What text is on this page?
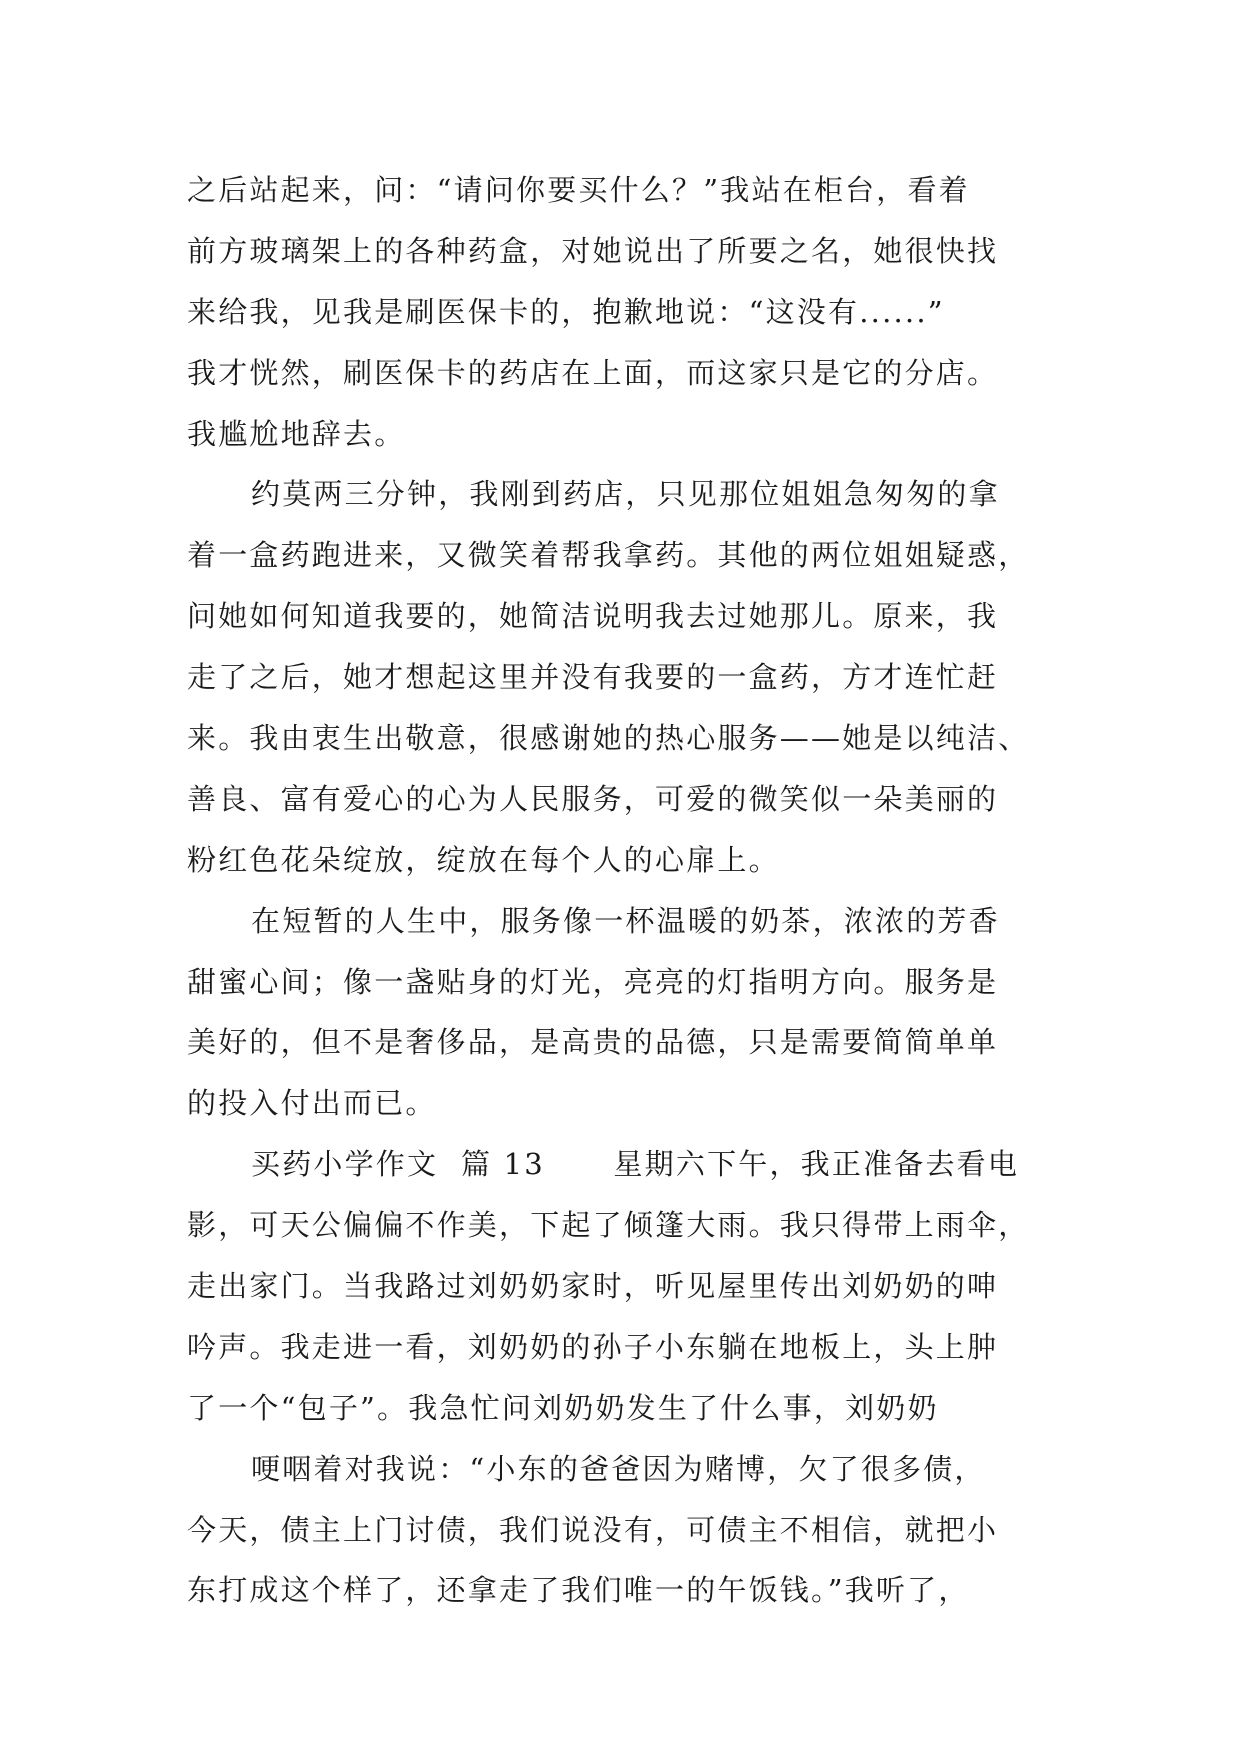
之后站起来，问：“请问你要买什么？”我站在柜台，看着
前方玻璃架上的各种药盒，对她说出了所要之名，她很快找
来给我，见我是刷医保卡的，抱歉地说：“这没有......”
我才恍然，刷医保卡的药店在上面，而这家只是它的分店。
我尴尬地辞去。
约莫两三分钟，我刚到药店，只见那位姐姐急匆匆的拿
着一盒药跑进来，又微笑着帮我拿药。其他的两位姐姐疑惑，
问她如何知道我要的，她简洁说明我去过她那儿。原来，我
走了之后，她才想起这里并没有我要的一盒药，方才连忙赶
来。我由衷生出敬意，很感谢她的热心服务——她是以纯洁、
善良、富有爱心的心为人民服务，可爱的微笑似一朵美丽的
粉红色花朵绽放，绽放在每个人的心扉上。
在短暂的人生中，服务像一杯温暖的奶茶，浓浓的芳香
甜蜜心间；像一盏贴身的灯光，亮亮的灯指明方向。服务是
美好的，但不是奢侈品，是高贵的品德，只是需要简简单单
的投入付出而已。
买药小学作文  篇 13      星期六下午，我正准备去看电
影，可天公偏偏不作美，下起了倾篷大雨。我只得带上雨伞，
走出家门。当我路过刘奶奶家时，听见屋里传出刘奶奶的呻
吟声。我走进一看，刘奶奶的孙子小东躺在地板上，头上肿
了一个“包子”。我急忙问刘奶奶发生了什么事，刘奶奶
哽咽着对我说：“小东的爸爸因为赌博，欠了很多债，
今天，债主上门讨债，我们说没有，可债主不相信，就把小
东打成这个样了，还拿走了我们唯一的午饭钱。”我听了，
